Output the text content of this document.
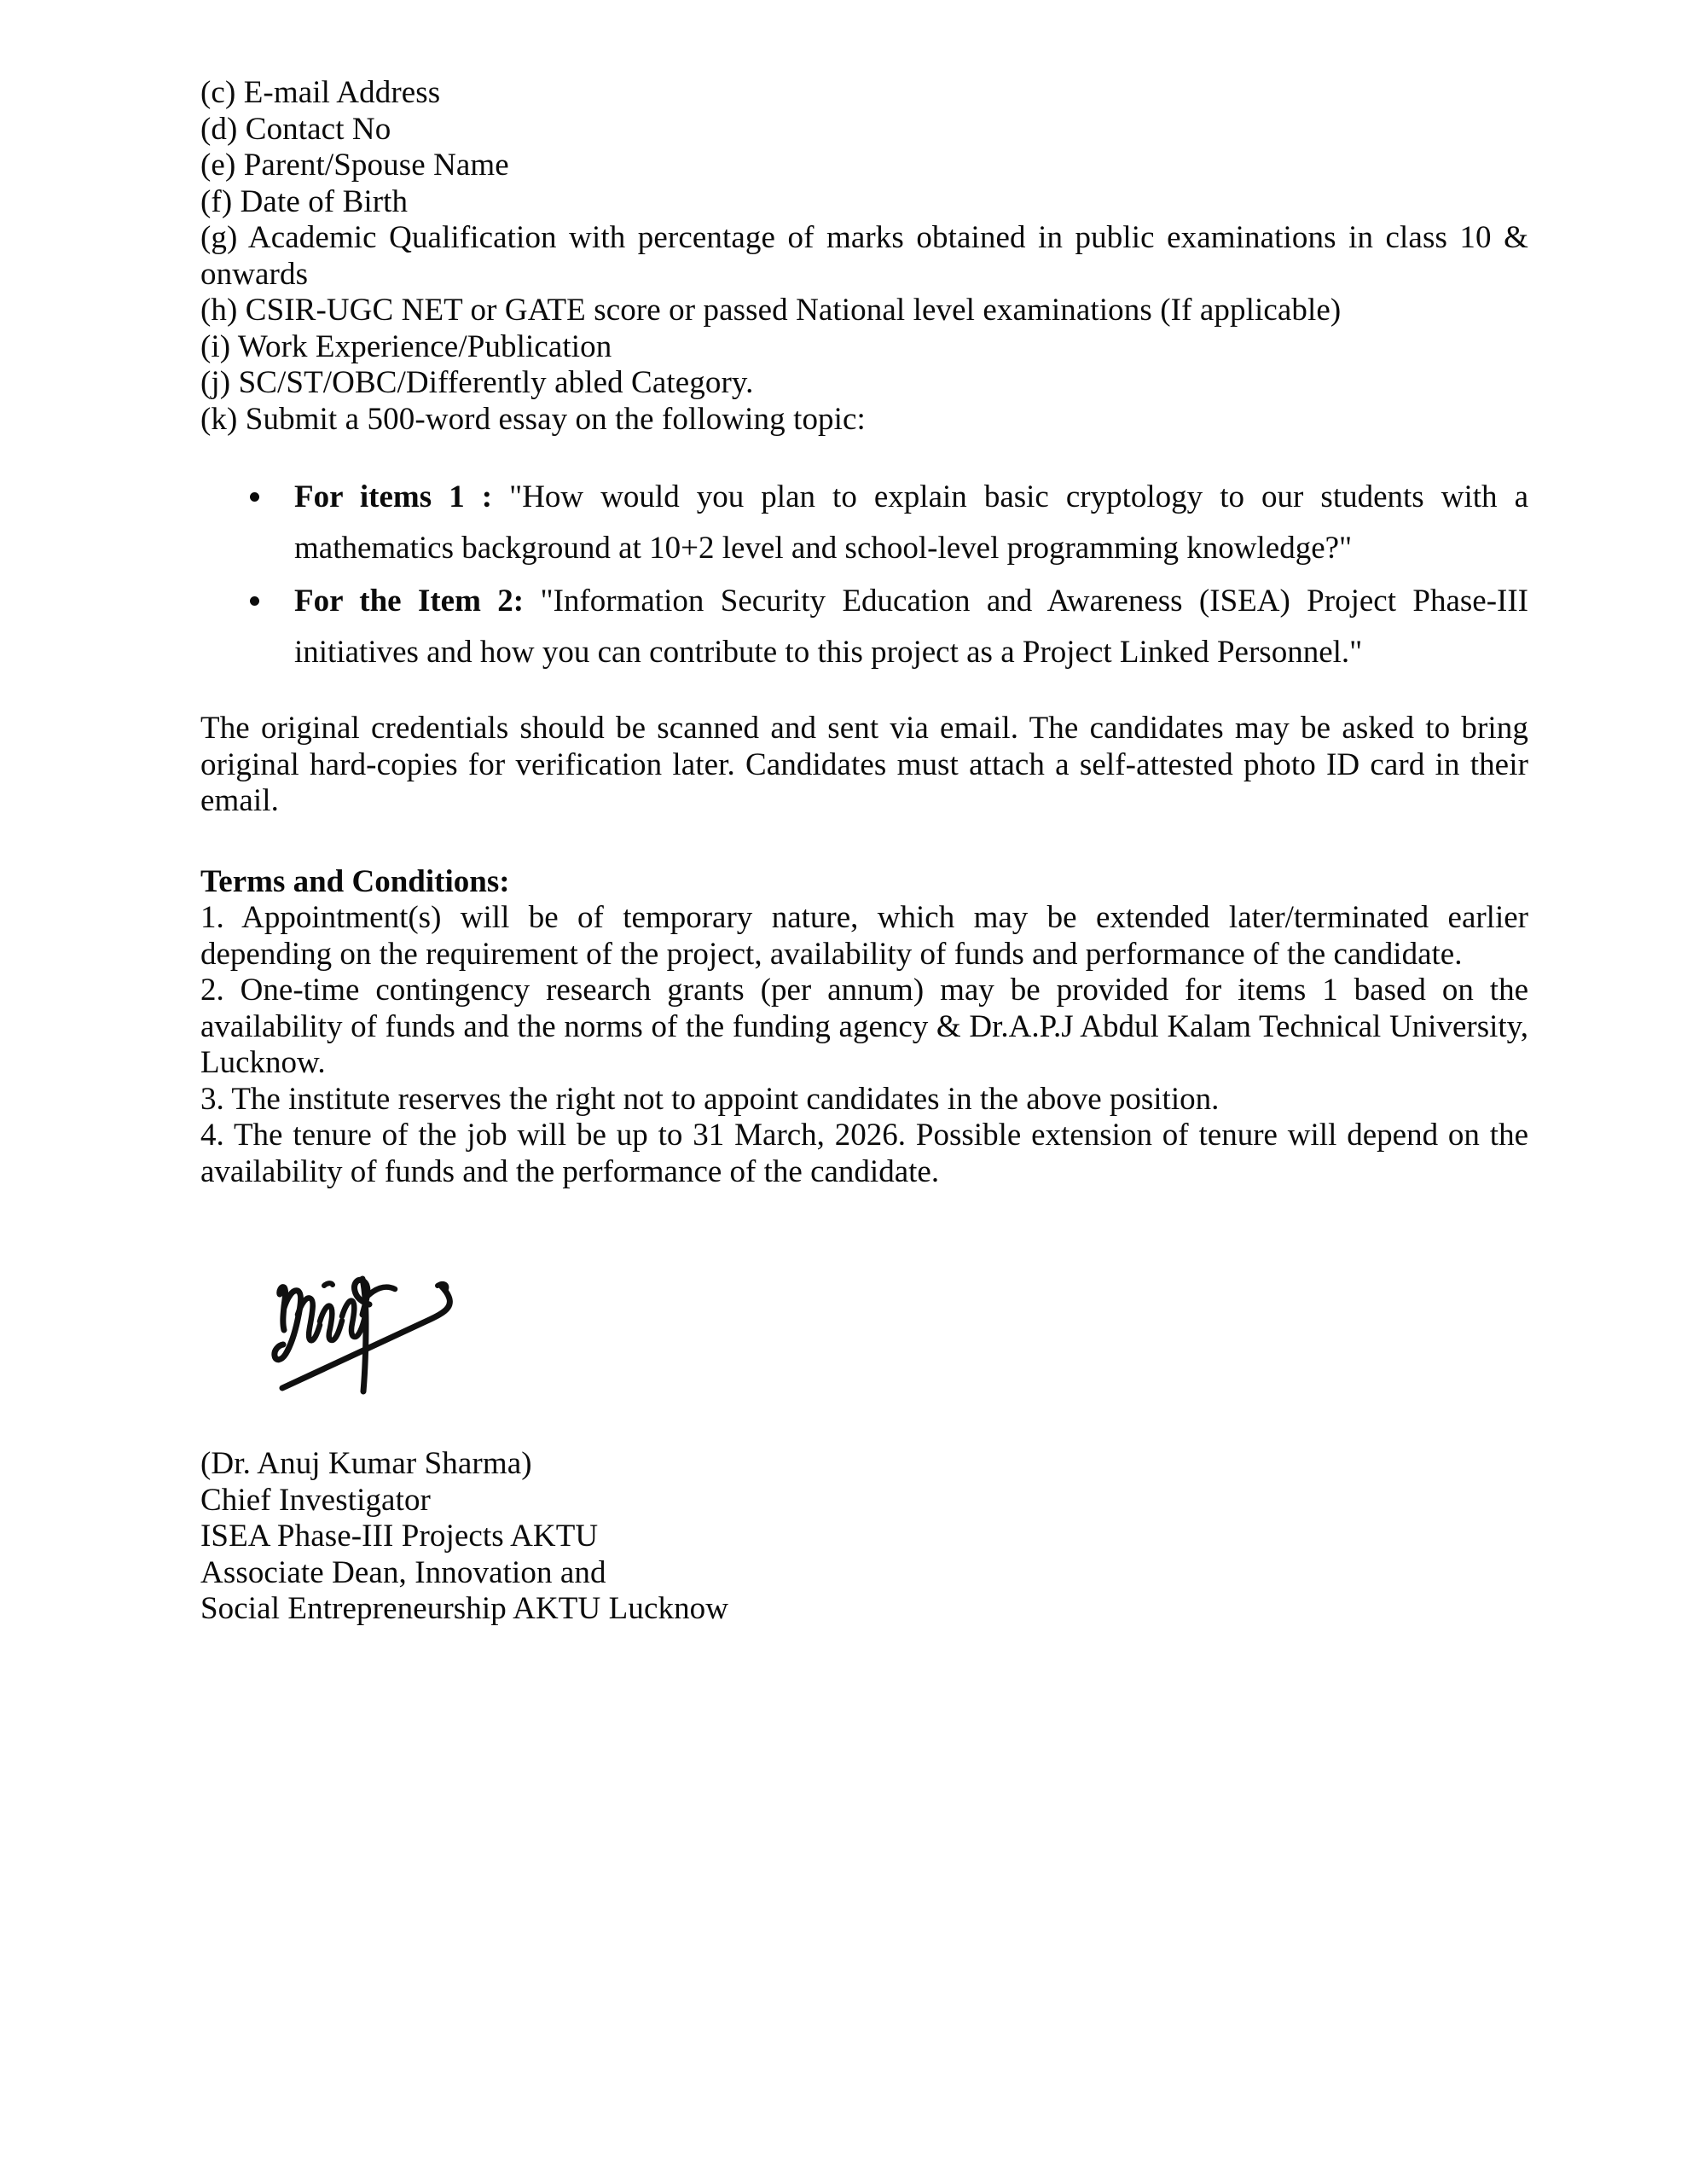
(c) E-mail Address
(d) Contact No
(e) Parent/Spouse Name
(f) Date of Birth
(g) Academic Qualification with percentage of marks obtained in public examinations in class 10 & onwards
(h) CSIR-UGC NET or GATE score or passed National level examinations (If applicable)
(i) Work Experience/Publication
(j) SC/ST/OBC/Differently abled Category.
(k) Submit a 500-word essay on the following topic:
For items 1 : "How would you plan to explain basic cryptology to our students with a mathematics background at 10+2 level and school-level programming knowledge?"
For the Item 2: "Information Security Education and Awareness (ISEA) Project Phase-III initiatives and how you can contribute to this project as a Project Linked Personnel."

The original credentials should be scanned and sent via email. The candidates may be asked to bring original hard-copies for verification later. Candidates must attach a self-attested photo ID card in their email.

Terms and Conditions:
1. Appointment(s) will be of temporary nature, which may be extended later/terminated earlier depending on the requirement of the project, availability of funds and performance of the candidate.
2. One-time contingency research grants (per annum) may be provided for items 1 based on the availability of funds and the norms of the funding agency & Dr.A.P.J Abdul Kalam Technical University, Lucknow.
3. The institute reserves the right not to appoint candidates in the above position.
4. The tenure of the job will be up to 31 March, 2026. Possible extension of tenure will depend on the availability of funds and the performance of the candidate.
(Dr. Anuj Kumar Sharma)
Chief Investigator
ISEA Phase-III Projects AKTU
Associate Dean, Innovation and
Social Entrepreneurship AKTU Lucknow
